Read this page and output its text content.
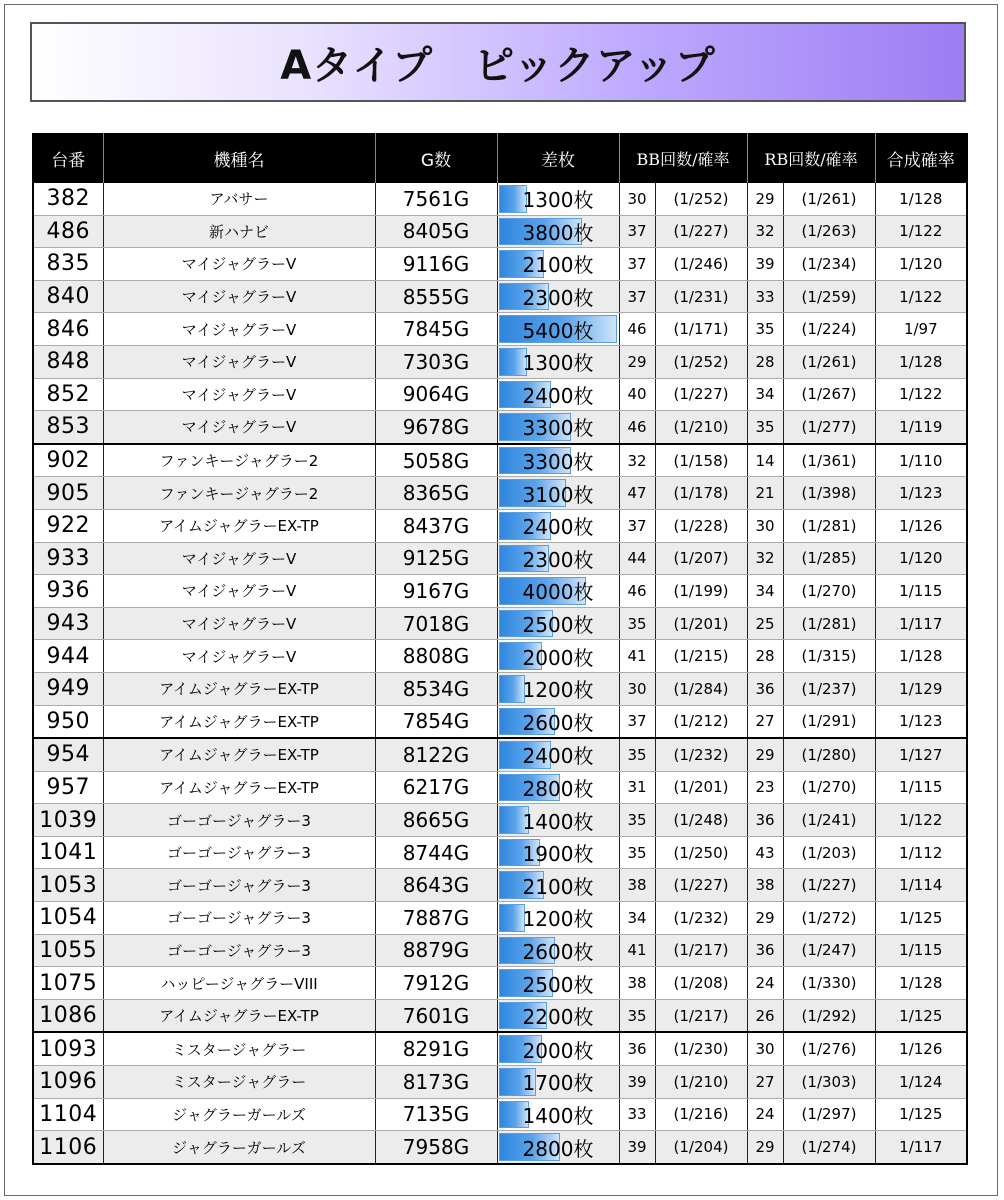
Aタイプ　ピックアップ
台番	機種名	G数	差枚	BB回数/確率		RB回数/確率		合成確率
382	アバサー	7561G	1300枚	30	(1/252)	29	(1/261)	1/128
486	新ハナビ	8405G	3800枚	37	(1/227)	32	(1/263)	1/122
835	マイジャグラーV	9116G	2100枚	37	(1/246)	39	(1/234)	1/120
840	マイジャグラーV	8555G	2300枚	37	(1/231)	33	(1/259)	1/122
846	マイジャグラーV	7845G	5400枚	46	(1/171)	35	(1/224)	1/97
848	マイジャグラーV	7303G	1300枚	29	(1/252)	28	(1/261)	1/128
852	マイジャグラーV	9064G	2400枚	40	(1/227)	34	(1/267)	1/122
853	マイジャグラーV	9678G	3300枚	46	(1/210)	35	(1/277)	1/119
902	ファンキージャグラー2	5058G	3300枚	32	(1/158)	14	(1/361)	1/110
905	ファンキージャグラー2	8365G	3100枚	47	(1/178)	21	(1/398)	1/123
922	アイムジャグラーEX-TP	8437G	2400枚	37	(1/228)	30	(1/281)	1/126
933	マイジャグラーV	9125G	2300枚	44	(1/207)	32	(1/285)	1/120
936	マイジャグラーV	9167G	4000枚	46	(1/199)	34	(1/270)	1/115
943	マイジャグラーV	7018G	2500枚	35	(1/201)	25	(1/281)	1/117
944	マイジャグラーV	8808G	2000枚	41	(1/215)	28	(1/315)	1/128
949	アイムジャグラーEX-TP	8534G	1200枚	30	(1/284)	36	(1/237)	1/129
950	アイムジャグラーEX-TP	7854G	2600枚	37	(1/212)	27	(1/291)	1/123
954	アイムジャグラーEX-TP	8122G	2400枚	35	(1/232)	29	(1/280)	1/127
957	アイムジャグラーEX-TP	6217G	2800枚	31	(1/201)	23	(1/270)	1/115
1039	ゴーゴージャグラー3	8665G	1400枚	35	(1/248)	36	(1/241)	1/122
1041	ゴーゴージャグラー3	8744G	1900枚	35	(1/250)	43	(1/203)	1/112
1053	ゴーゴージャグラー3	8643G	2100枚	38	(1/227)	38	(1/227)	1/114
1054	ゴーゴージャグラー3	7887G	1200枚	34	(1/232)	29	(1/272)	1/125
1055	ゴーゴージャグラー3	8879G	2600枚	41	(1/217)	36	(1/247)	1/115
1075	ハッピージャグラーVIII	7912G	2500枚	38	(1/208)	24	(1/330)	1/128
1086	アイムジャグラーEX-TP	7601G	2200枚	35	(1/217)	26	(1/292)	1/125
1093	ミスタージャグラー	8291G	2000枚	36	(1/230)	30	(1/276)	1/126
1096	ミスタージャグラー	8173G	1700枚	39	(1/210)	27	(1/303)	1/124
1104	ジャグラーガールズ	7135G	1400枚	33	(1/216)	24	(1/297)	1/125
1106	ジャグラーガールズ	7958G	2800枚	39	(1/204)	29	(1/274)	1/117
